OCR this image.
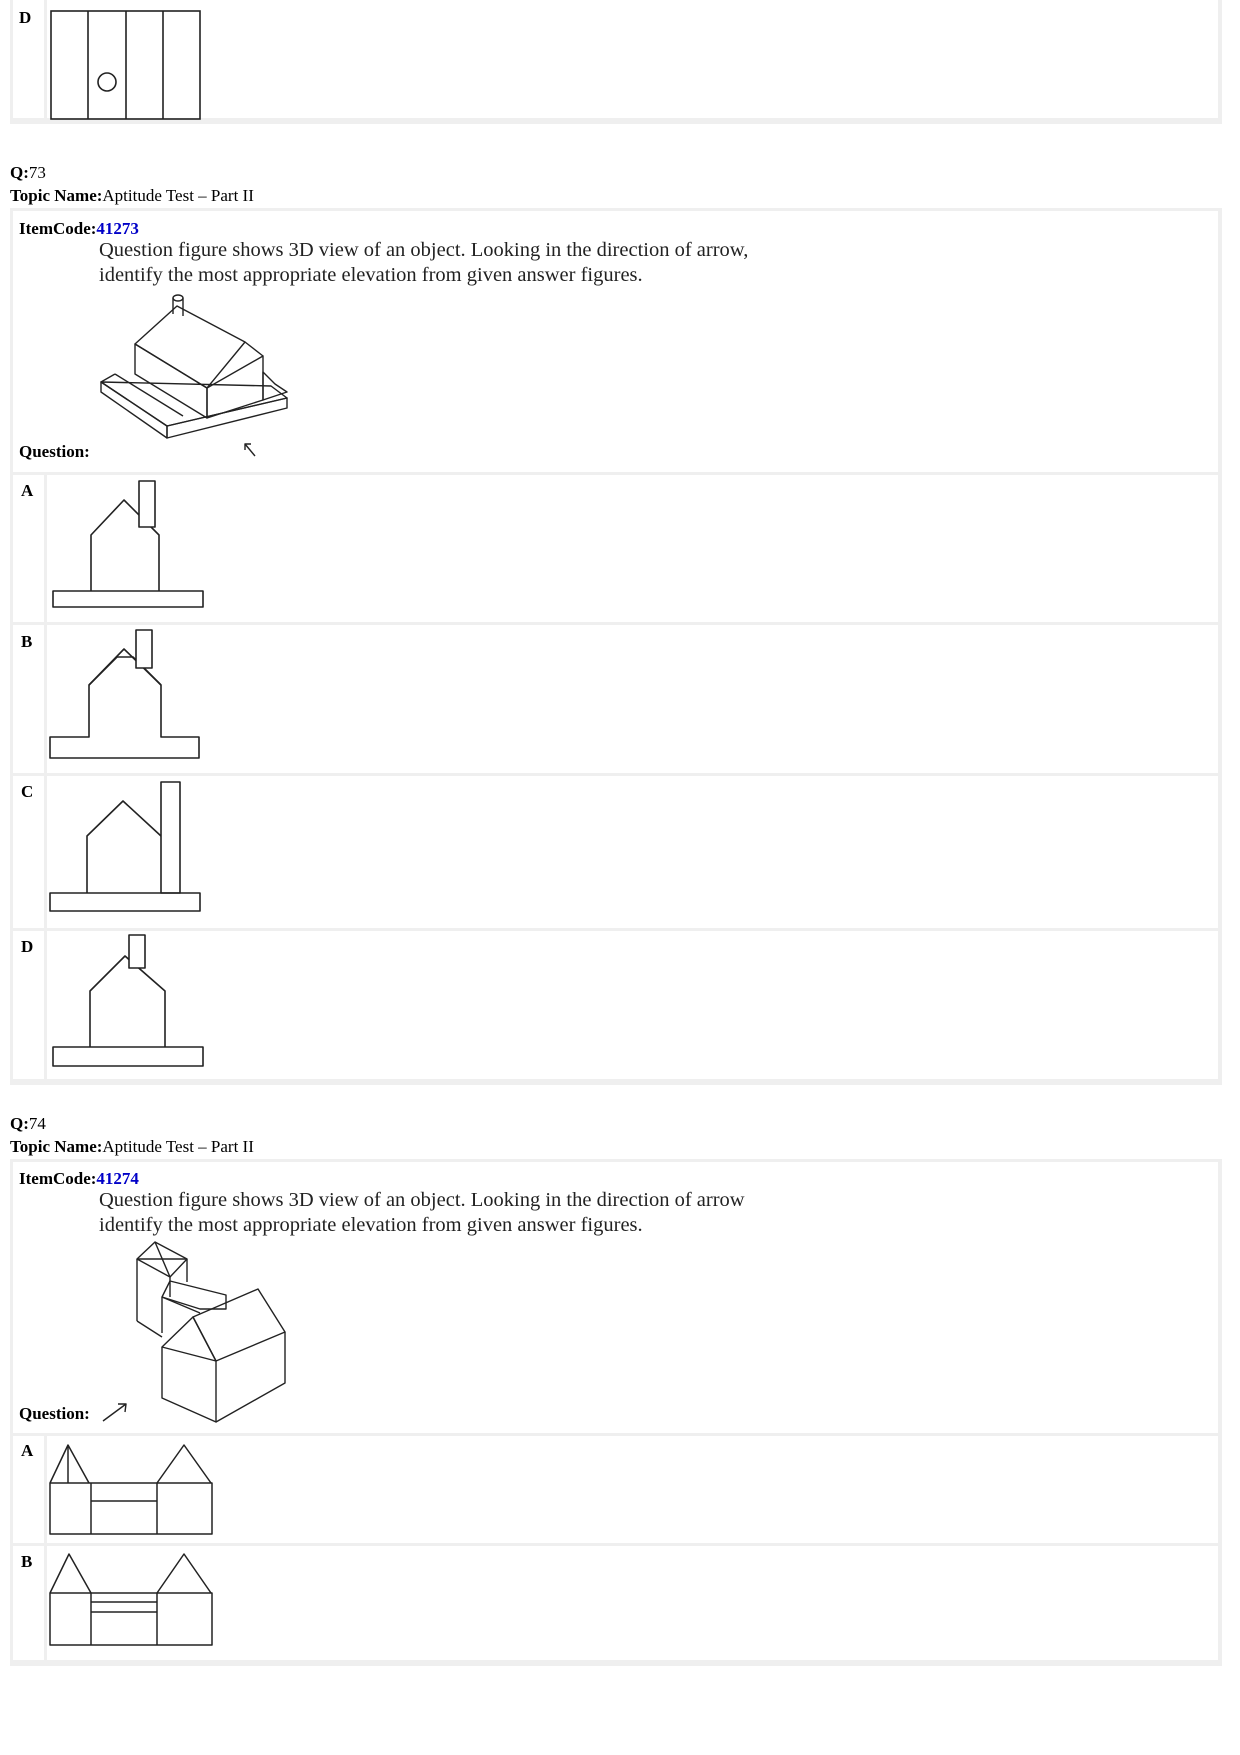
D
Q:73
Topic Name:Aptitude Test – Part II
ItemCode:41273
Question figure shows 3D view of an object. Looking in the direction of arrow,
identify the most appropriate elevation from given answer figures.
Question:
A
B
C
D
Q:74
Topic Name:Aptitude Test – Part II
ItemCode:41274
Question figure shows 3D view of an object. Looking in the direction of arrow
identify the most appropriate elevation from given answer figures.
Question:
A
B
